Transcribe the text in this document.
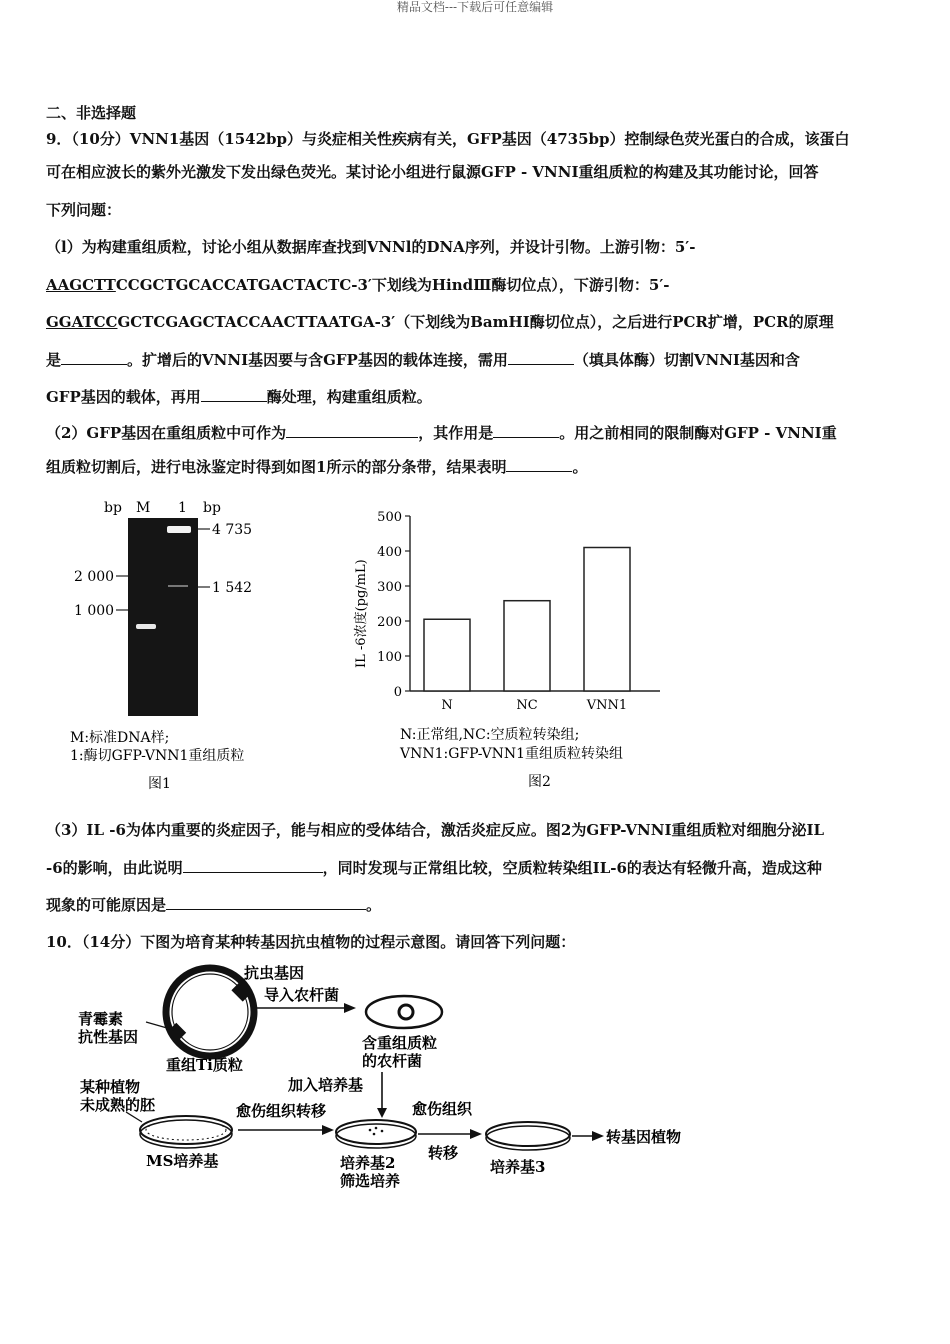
精品文档---下载后可任意编辑

二、非选择题

9．（10分）VNN1基因（1542bp）与炎症相关性疾病有关，GFP基因（4735bp）控制绿色荧光蛋白的合成，该蛋白

可在相应波长的紫外光激发下发出绿色荧光。某讨论小组进行鼠源GFP - VNNI重组质粒的构建及其功能讨论，回答

下列问题：

（l）为构建重组质粒，讨论小组从数据库查找到VNNl的DNA序列，并设计引物。上游引物：5′-

AAGCTTCCGCTGCACCATGACTACTC-3′下划线为HindⅢ酶切位点），下游引物：5′-

GGATCCGCTCGAGCTACCAACTTAATGA-3′（下划线为BamHI酶切位点），之后进行PCR扩增，PCR的原理

是	。扩增后的VNNI基因要与含GFP基因的载体连接，需用	（填具体酶）切割VNNI基因和含

GFP基因的载体，再用	酶处理，构建重组质粒。

（2）GFP基因在重组质粒中可作为	，其作用是	。用之前相同的限制酶对GFP - VNNI重

组质粒切割后，进行电泳鉴定时得到如图1所示的部分条带，结果表明	。

bp M 1 bp
2 000
1 000
4 735
1 542
M:标准DNA样;
1:酶切GFP-VNN1重组质粒
图1
IL -6浓度(pg/mL)
0
100
200
300
400
500
N	NC	VNN1
N:正常组,NC:空质粒转染组;
VNN1:GFP-VNN1重组质粒转染组
图2

（3）IL -6为体内重要的炎症因子，能与相应的受体结合，激活炎症反应。图2为GFP-VNNI重组质粒对细胞分泌IL

-6的影响，由此说明	，同时发现与正常组比较，空质粒转染组IL-6的表达有轻微升高，造成这种

现象的可能原因是	。

10．（14分）下图为培育某种转基因抗虫植物的过程示意图。请回答下列问题：

抗虫基因
导入农杆菌
青霉素
抗性基因
重组Ti质粒
含重组质粒
的农杆菌
加入培养基
某种植物
未成熟的胚
MS培养基
愈伤组织转移
培养基2
筛选培养
愈伤组织
转移
培养基3
转基因植物
